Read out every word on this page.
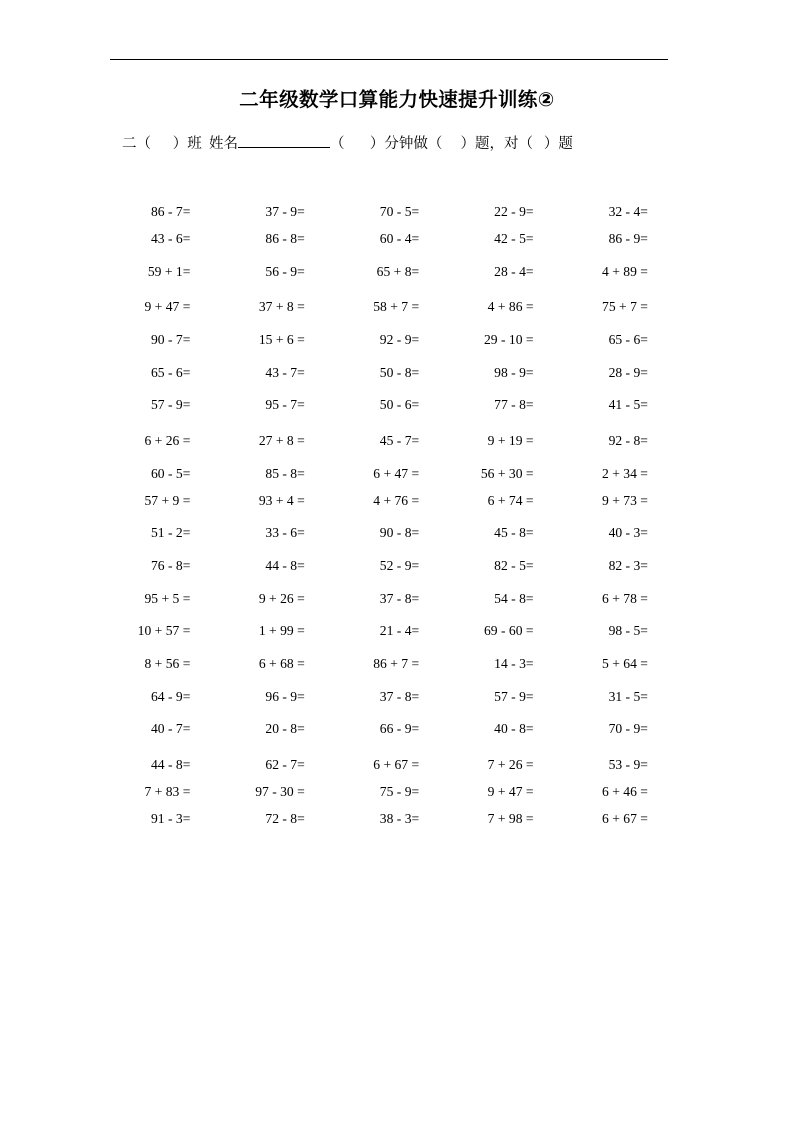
二年级数学口算能力快速提升训练②
二（
）班  姓名	（
）分钟做（
）题，对（
）题
86 - 7=	37 - 9=	70 - 5=	22 - 9=	32 - 4=
43 - 6=	86 - 8=	60 - 4=	42 - 5=	86 - 9=
59 + 1=	56 - 9=	65 + 8=	28 - 4=	4 + 89 =
9 + 47 =	37 + 8 =	58 + 7 =	4 + 86 =	75 + 7 =
90 - 7=	15 + 6 =	92 - 9=	29 - 10 =	65 - 6=
65 - 6=	43 - 7=	50 - 8=	98 - 9=	28 - 9=
57 - 9=	95 - 7=	50 - 6=	77 - 8=	41 - 5=
6 + 26 =	27 + 8 =	45 - 7=	9 + 19 =	92 - 8=
60 - 5=	85 - 8=	6 + 47 =	56 + 30 =	2 + 34 =
57 + 9 =	93 + 4 =	4 + 76 =	6 + 74 =	9 + 73 =
51 - 2=	33 - 6=	90 - 8=	45 - 8=	40 - 3=
76 - 8=	44 - 8=	52 - 9=	82 - 5=	82 - 3=
95 + 5 =	9 + 26 =	37 - 8=	54 - 8=	6 + 78 =
10 + 57 =	1 + 99 =	21 - 4=	69 - 60 =	98 - 5=
8 + 56 =	6 + 68 =	86 + 7 =	14 - 3=	5 + 64 =
64 - 9=	96 - 9=	37 - 8=	57 - 9=	31 - 5=
40 - 7=	20 - 8=	66 - 9=	40 - 8=	70 - 9=
44 - 8=	62 - 7=	6 + 67 =	7 + 26 =	53 - 9=
7 + 83 =	97 - 30 =	75 - 9=	9 + 47 =	6 + 46 =
91 - 3=	72 - 8=	38 - 3=	7 + 98 =	6 + 67 =
